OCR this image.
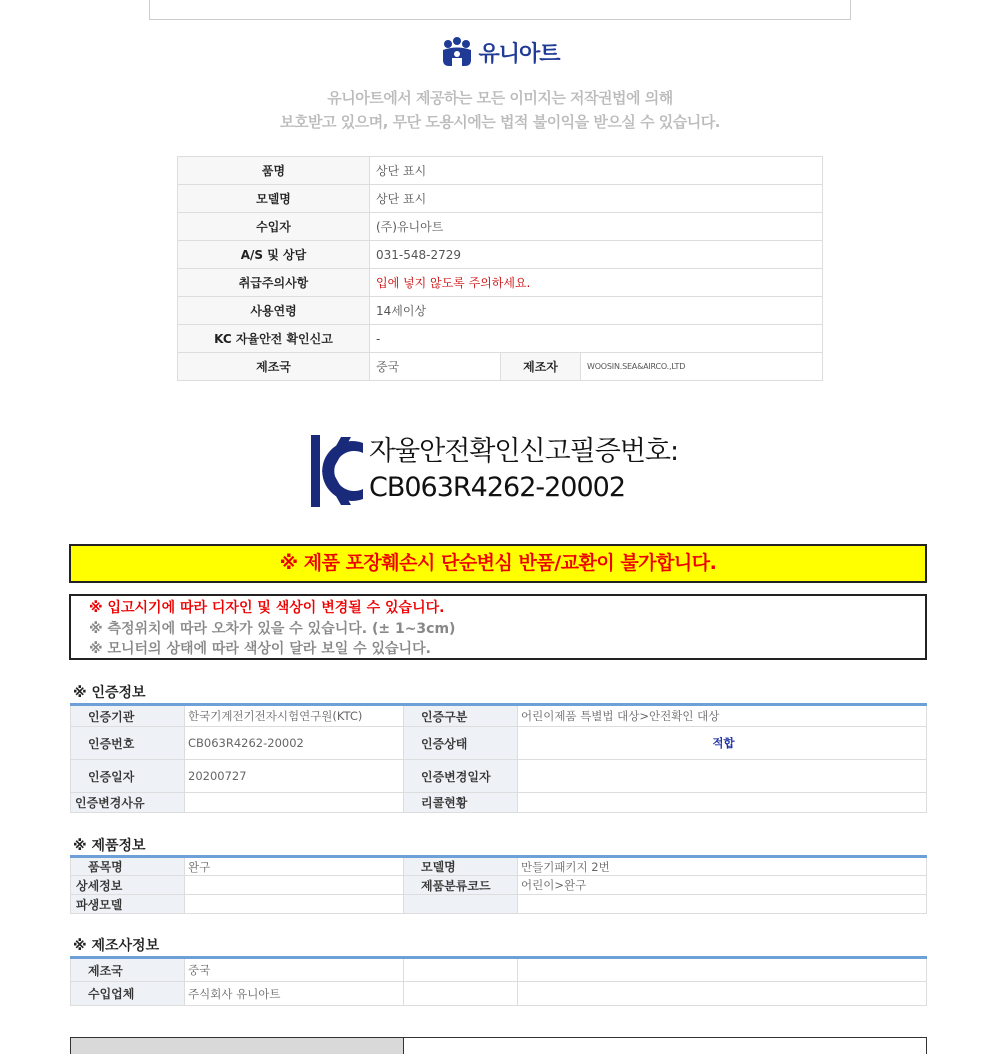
유니아트
유니아트에서 제공하는 모든 이미지는 저작권법에 의해
보호받고 있으며, 무단 도용시에는 법적 불이익을 받으실 수 있습니다.
품명	상단 표시		
모델명	상단 표시		
수입자	(주)유니아트		
A/S 및 상담	031-548-2729		
취급주의사항	입에 넣지 않도록 주의하세요.		
사용연령	14세이상		
KC 자율안전 확인신고	-		
제조국	중국	제조자	WOOSIN.SEA&AIRCO.,LTD
자율안전확인신고필증번호:
CB063R4262-20002
※ 제품 포장훼손시 단순변심 반품/교환이 불가합니다.
※ 입고시기에 따라 디자인 및 색상이 변경될 수 있습니다.
※ 측정위치에 따라 오차가 있을 수 있습니다. (± 1~3cm)
※ 모니터의 상태에 따라 색상이 달라 보일 수 있습니다.
※ 인증정보
인증기관	한국기계전기전자시험연구원(KTC)	인증구분	어린이제품 특별법 대상>안전확인 대상
인증번호	CB063R4262-20002	인증상태	적합
인증일자	20200727	인증변경일자	
인증변경사유		리콜현황	
※ 제품정보
품목명	완구	모델명	만들기패키지 2번
상세정보		제품분류코드	어린이>완구
파생모델			
※ 제조사정보
제조국	중국		
수입업체	주식회사 유니아트		
